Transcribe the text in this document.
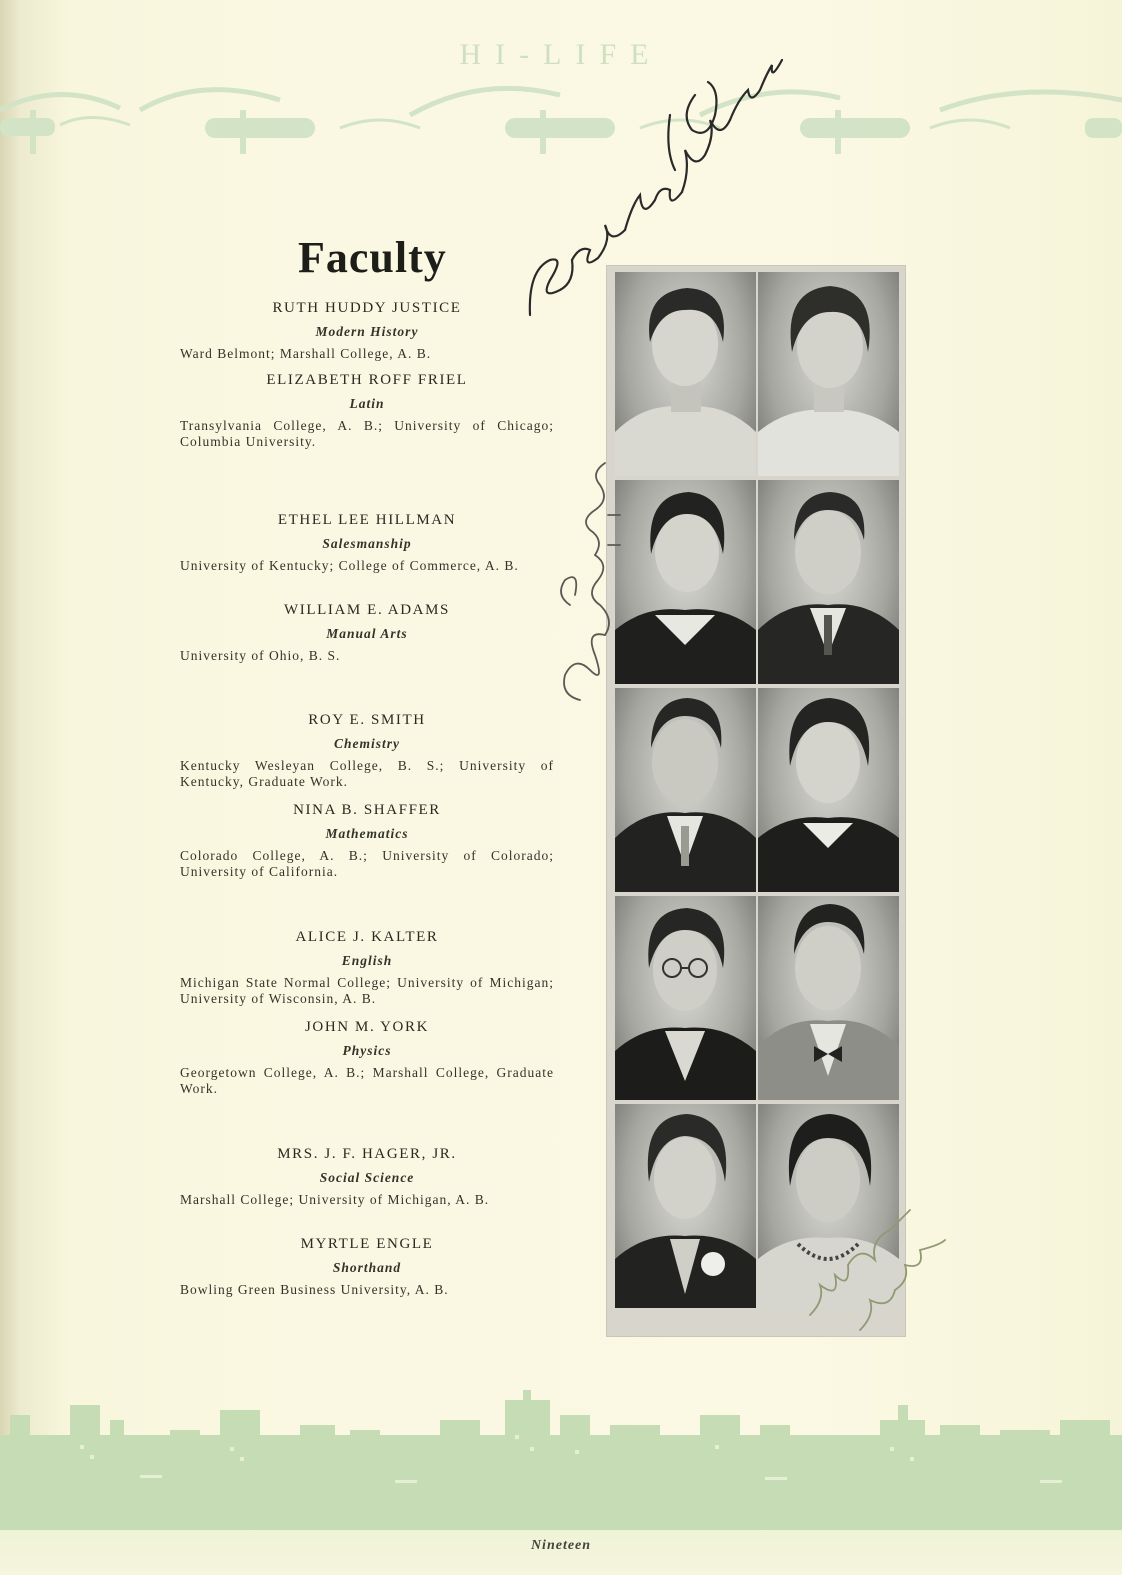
HI-LIFE
Faculty
RUTH HUDDY JUSTICE
Modern History
Ward Belmont; Marshall College, A. B.
ELIZABETH ROFF FRIEL
Latin
Transylvania College, A. B.; University of Chicago; Columbia University.
ETHEL LEE HILLMAN
Salesmanship
University of Kentucky; College of Commerce, A. B.
WILLIAM E. ADAMS
Manual Arts
University of Ohio, B. S.
ROY E. SMITH
Chemistry
Kentucky Wesleyan College, B. S.; University of Kentucky, Graduate Work.
NINA B. SHAFFER
Mathematics
Colorado College, A. B.; University of Colorado; University of California.
ALICE J. KALTER
English
Michigan State Normal College; University of Michigan; University of Wisconsin, A. B.
JOHN M. YORK
Physics
Georgetown College, A. B.; Marshall College, Graduate Work.
MRS. J. F. HAGER, JR.
Social Science
Marshall College; University of Michigan, A. B.
MYRTLE ENGLE
Shorthand
Bowling Green Business University, A. B.
Nineteen
